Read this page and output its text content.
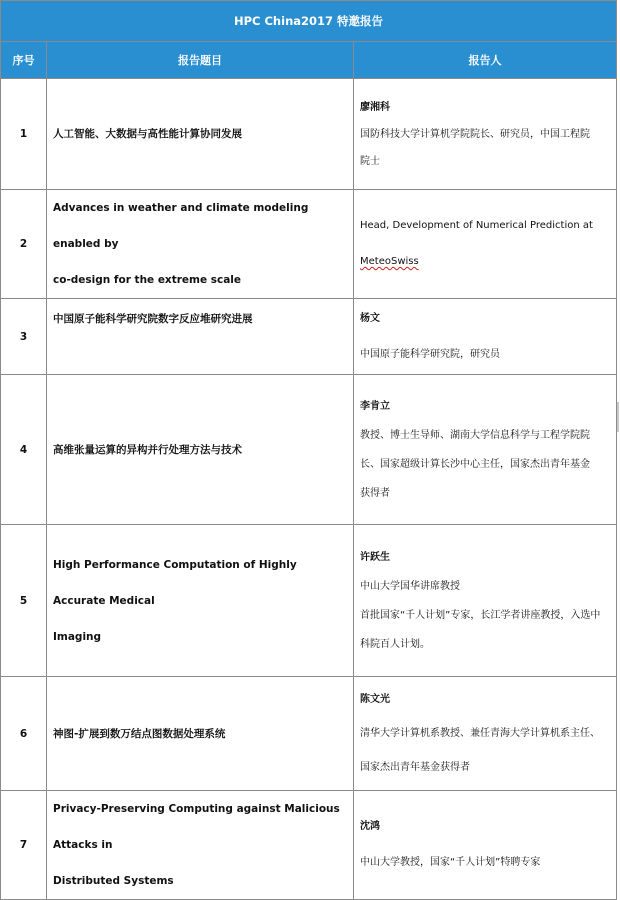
HPC China2017 特邀报告		
序号	报告题目	报告人
1	人工智能、大数据与高性能计算协同发展	廖湘科
国防科技大学计算机学院院长、研究员，中国工程院
院士

2	Advances in weather and climate modeling enabled by
co-design for the extreme scale	Head, Development of Numerical Prediction at
MeteoSwiss

3	中国原子能科学研究院数字反应堆研究进展	杨文
中国原子能科学研究院，研究员

4	高维张量运算的异构并行处理方法与技术	李肯立
教授、博士生导师、湖南大学信息科学与工程学院院
长、国家超级计算长沙中心主任，国家杰出青年基金
获得者

5	High Performance Computation of Highly Accurate Medical
Imaging	许跃生
中山大学国华讲席教授
首批国家“千人计划”专家，长江学者讲座教授，入选中
科院百人计划。

6	神图-扩展到数万结点图数据处理系统	陈文光
清华大学计算机系教授、兼任青海大学计算机系主任、
国家杰出青年基金获得者

7	Privacy-Preserving Computing against Malicious Attacks in
Distributed Systems	沈鸿
中山大学教授，国家“千人计划”特聘专家
